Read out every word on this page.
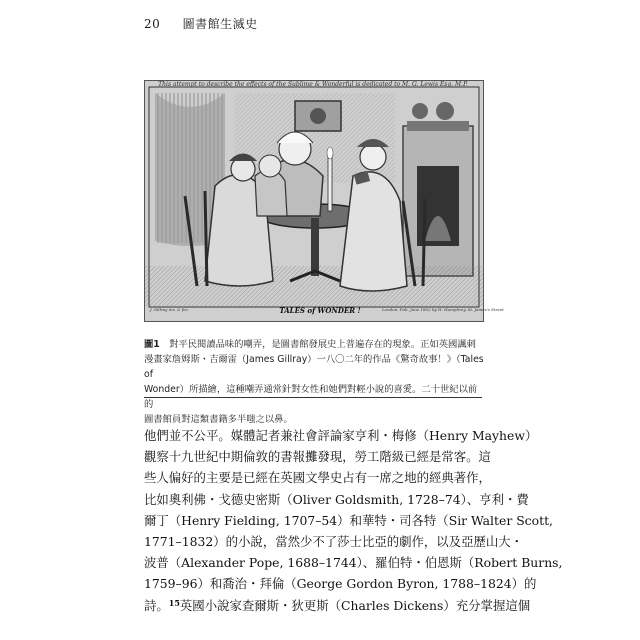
20 圖書館生滅史
This attempt to describe the effects of the Sublime & Wonderful is dedicated to M. G. Lewis Esq. M.P.
TALES of WONDER !
J. Gillray inv. & fec.	London. Pub. June 1802 by H. Humphrey, St. James's Street

圖1　 對平民閱讀品味的嘲弄，是圖書館發展史上普遍存在的現象。正如英國諷刺

漫畫家詹姆斯・吉爾雷（James Gillray）一八〇二年的作品《驚奇故事！》（Tales of

Wonder）所描繪，這種嘲弄通常針對女性和她們對輕小說的喜愛。二十世紀以前的

圖書館員對這類書籍多半嗤之以鼻。

他們並不公平。媒體記者兼社會評論家亨利・梅修（Henry Mayhew）
觀察十九世紀中期倫敦的書報攤發現，勞工階級已經是常客。這
些人偏好的主要是已經在英國文學史占有一席之地的經典著作，
比如奧利佛・戈德史密斯（Oliver Goldsmith, 1728–74）、亨利・費
爾丁（Henry Fielding, 1707–54）和華特・司各特（Sir Walter Scott,
1771–1832）的小說，當然少不了莎士比亞的劇作，以及亞歷山大・
波普（Alexander Pope, 1688–1744）、羅伯特・伯恩斯（Robert Burns,
1759–96）和喬治・拜倫（George Gordon Byron, 1788–1824）的
詩。$^{15}$英國小說家查爾斯・狄更斯（Charles Dickens）充分掌握這個
